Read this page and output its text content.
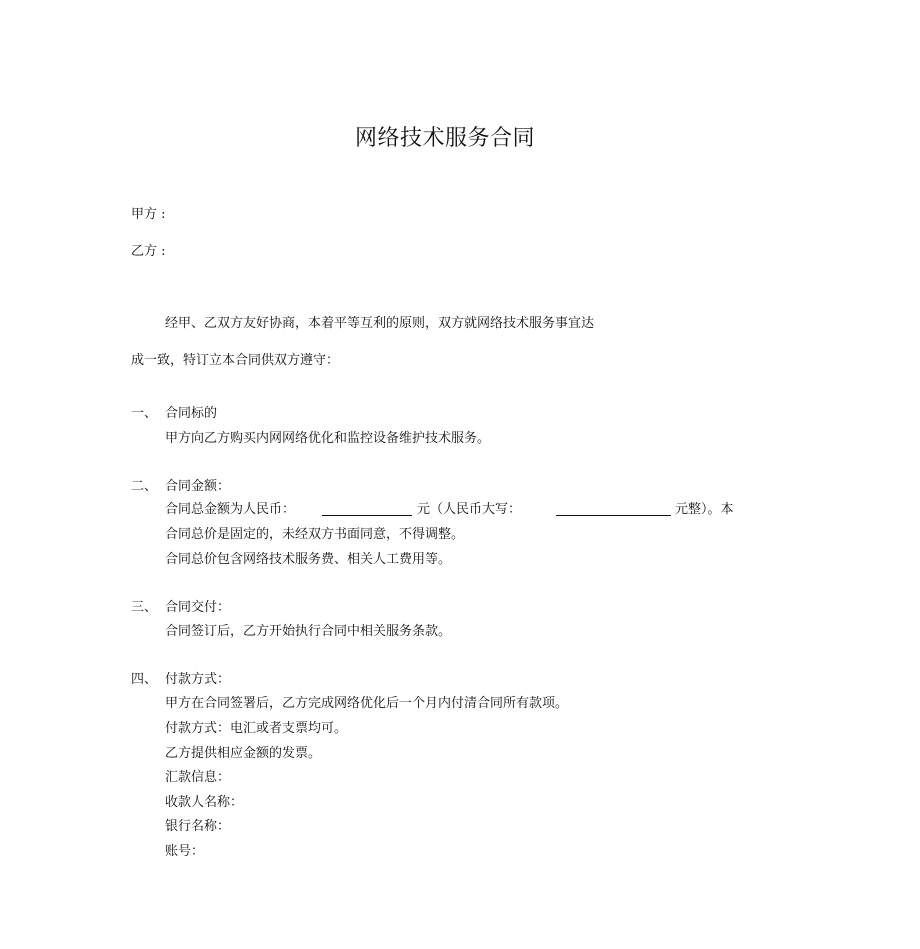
网络技术服务合同
甲方 :
乙方 :
经甲、乙双方友好协商，本着平等互利的原则，双方就网络技术服务事宜达
成一致，特订立本合同供双方遵守：
一、 合同标的
甲方向乙方购买内网网络优化和监控设备维护技术服务。
二、 合同金额：
合同总金额为人民币：	元（人民币大写：	元整）。本
合同总价是固定的，未经双方书面同意，不得调整。
合同总价包含网络技术服务费、相关人工费用等。
三、 合同交付：
合同签订后，乙方开始执行合同中相关服务条款。
四、 付款方式：
甲方在合同签署后，乙方完成网络优化后一个月内付清合同所有款项。
付款方式：电汇或者支票均可。
乙方提供相应金额的发票。
汇款信息：
收款人名称：
银行名称：
账号：
